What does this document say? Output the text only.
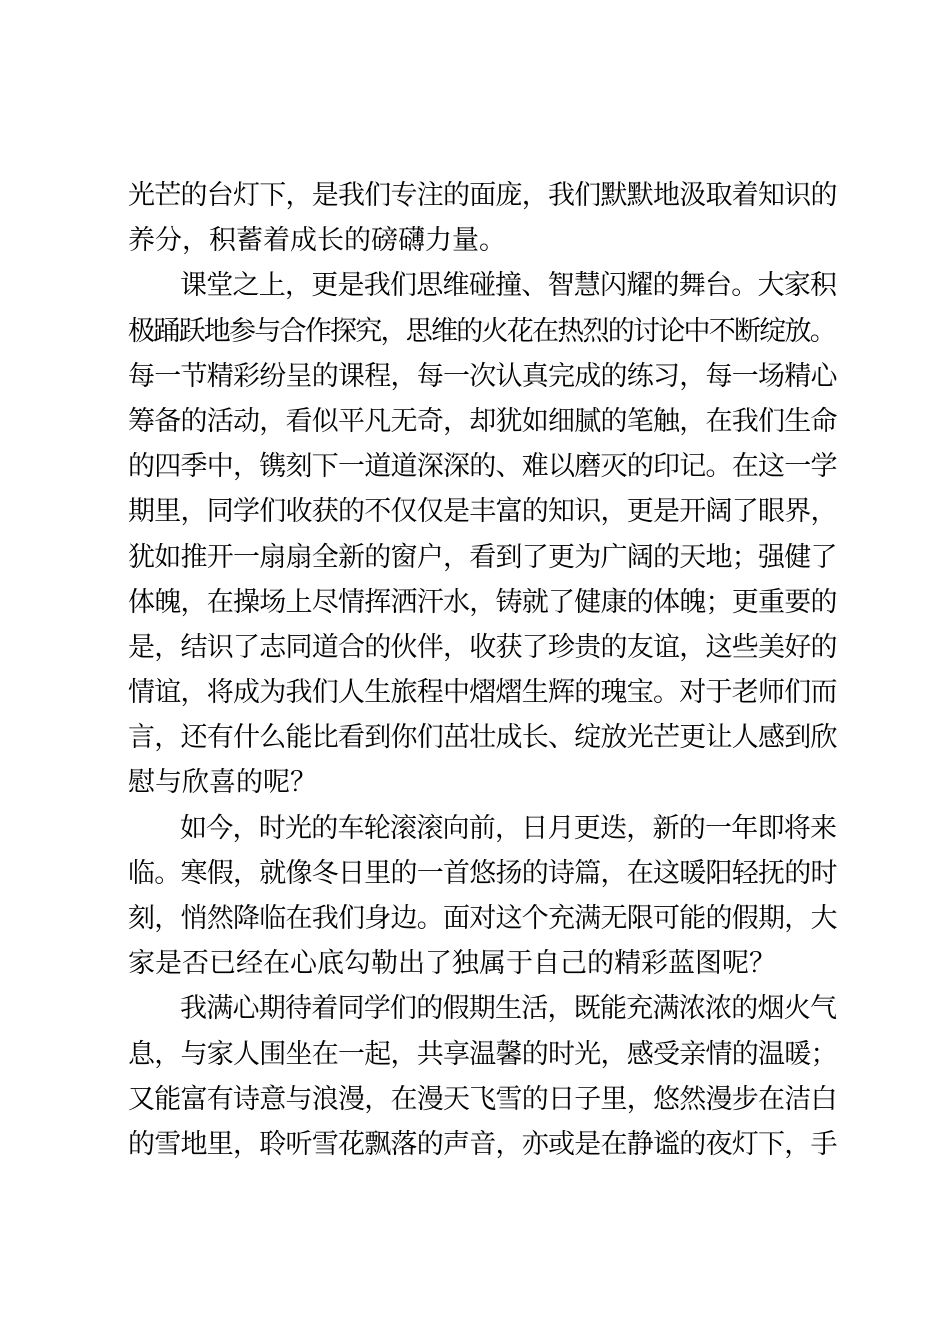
光芒的台灯下，是我们专注的面庞，我们默默地汲取着知识的
养分，积蓄着成长的磅礴力量。
课堂之上，更是我们思维碰撞、智慧闪耀的舞台。大家积
极踊跃地参与合作探究，思维的火花在热烈的讨论中不断绽放。
每一节精彩纷呈的课程，每一次认真完成的练习，每一场精心
筹备的活动，看似平凡无奇，却犹如细腻的笔触，在我们生命
的四季中，镌刻下一道道深深的、难以磨灭的印记。在这一学
期里，同学们收获的不仅仅是丰富的知识，更是开阔了眼界，
犹如推开一扇扇全新的窗户，看到了更为广阔的天地；强健了
体魄，在操场上尽情挥洒汗水，铸就了健康的体魄；更重要的
是，结识了志同道合的伙伴，收获了珍贵的友谊，这些美好的
情谊，将成为我们人生旅程中熠熠生辉的瑰宝。对于老师们而
言，还有什么能比看到你们茁壮成长、绽放光芒更让人感到欣
慰与欣喜的呢？
如今，时光的车轮滚滚向前，日月更迭，新的一年即将来
临。寒假，就像冬日里的一首悠扬的诗篇，在这暖阳轻抚的时
刻，悄然降临在我们身边。面对这个充满无限可能的假期，大
家是否已经在心底勾勒出了独属于自己的精彩蓝图呢？
我满心期待着同学们的假期生活，既能充满浓浓的烟火气
息，与家人围坐在一起，共享温馨的时光，感受亲情的温暖；
又能富有诗意与浪漫，在漫天飞雪的日子里，悠然漫步在洁白
的雪地里，聆听雪花飘落的声音，亦或是在静谧的夜灯下，手
